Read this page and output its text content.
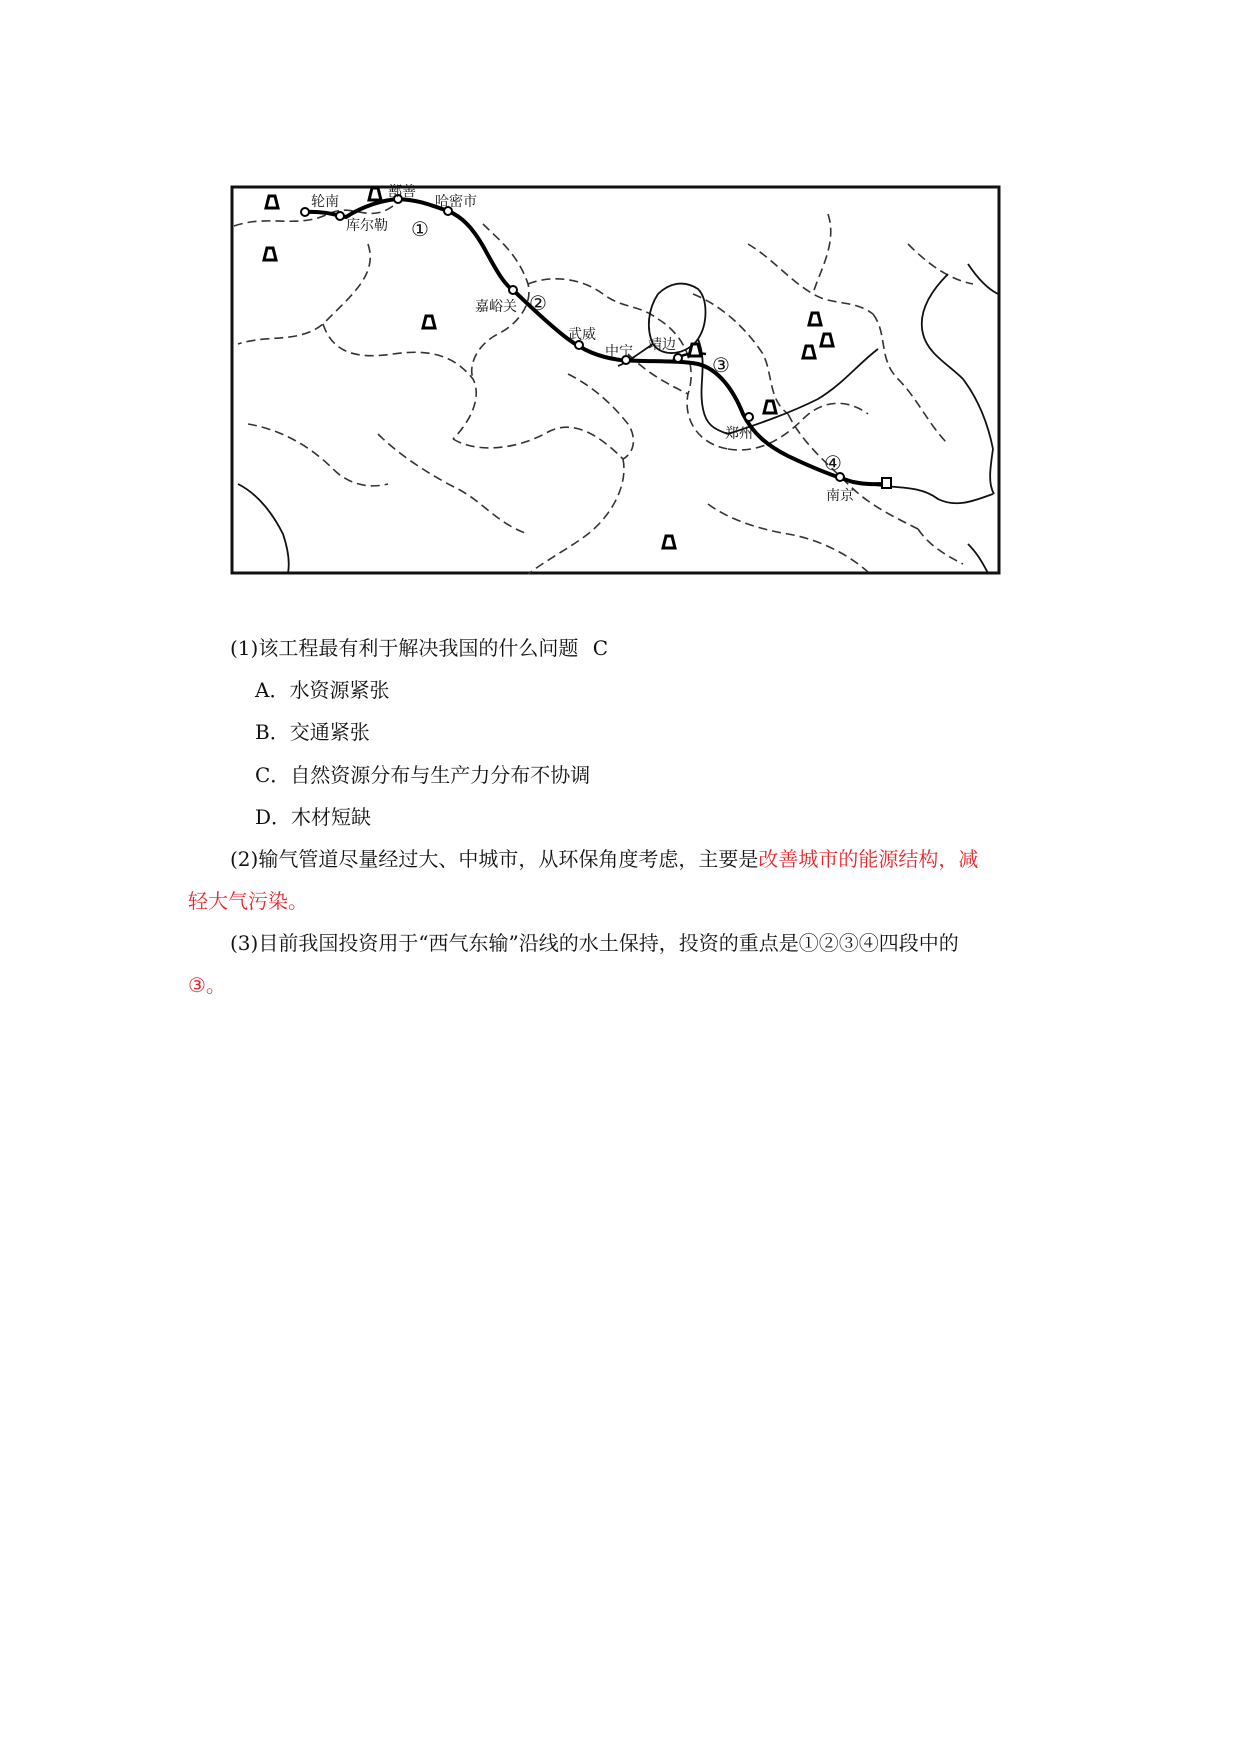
轮南
库尔勒
鄯善
哈密市
嘉峪关
武威
中宁 靖边
郑州
南京
①
②
③
④
(1)该工程最有利于解决我国的什么问题 C
A．水资源紧张
B．交通紧张
C．自然资源分布与生产力分布不协调
D．木材短缺
(2)输气管道尽量经过大、中城市，从环保角度考虑，主要是改善城市的能源结构，减
轻大气污染。
(3)目前我国投资用于“西气东输”沿线的水土保持，投资的重点是①②③④四段中的
③。
